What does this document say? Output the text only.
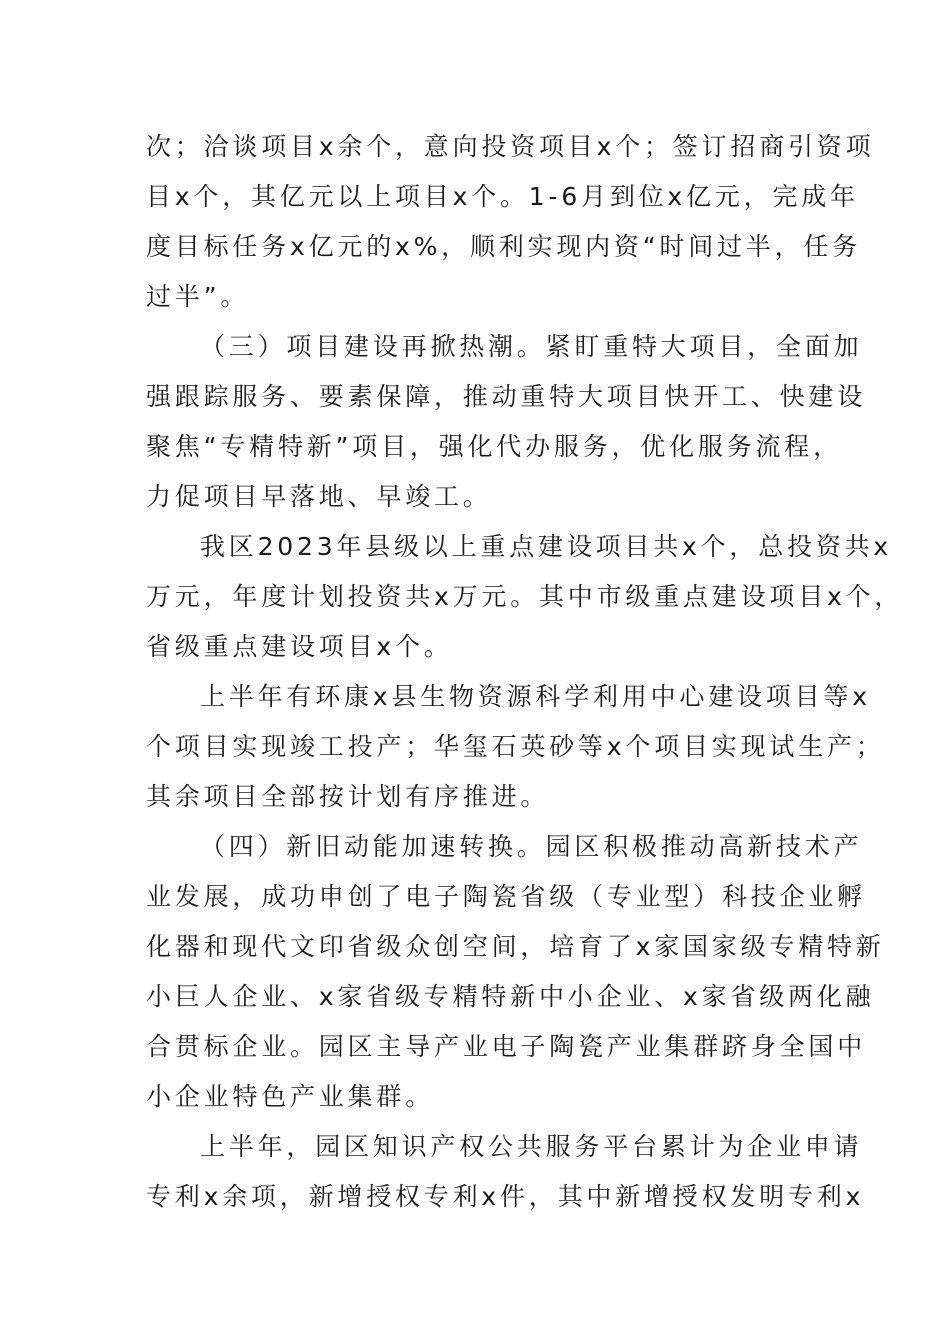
次；洽谈项目x余个，意向投资项目x个；签订招商引资项
目x个，其亿元以上项目x个。1-6月到位x亿元，完成年
度目标任务x亿元的x%，顺利实现内资“时间过半，任务
过半”。

（三）项目建设再掀热潮。紧盯重特大项目，全面加
强跟踪服务、要素保障，推动重特大项目快开工、快建设
聚焦“专精特新”项目，强化代办服务，优化服务流程，
力促项目早落地、早竣工。

我区2023年县级以上重点建设项目共x个，总投资共x
万元，年度计划投资共x万元。其中市级重点建设项目x个，
省级重点建设项目x个。

上半年有环康x县生物资源科学利用中心建设项目等x
个项目实现竣工投产；华玺石英砂等x个项目实现试生产；
其余项目全部按计划有序推进。

（四）新旧动能加速转换。园区积极推动高新技术产
业发展，成功申创了电子陶瓷省级（专业型）科技企业孵
化器和现代文印省级众创空间，培育了x家国家级专精特新
小巨人企业、x家省级专精特新中小企业、x家省级两化融
合贯标企业。园区主导产业电子陶瓷产业集群跻身全国中
小企业特色产业集群。

上半年，园区知识产权公共服务平台累计为企业申请
专利x余项，新增授权专利x件，其中新增授权发明专利x
